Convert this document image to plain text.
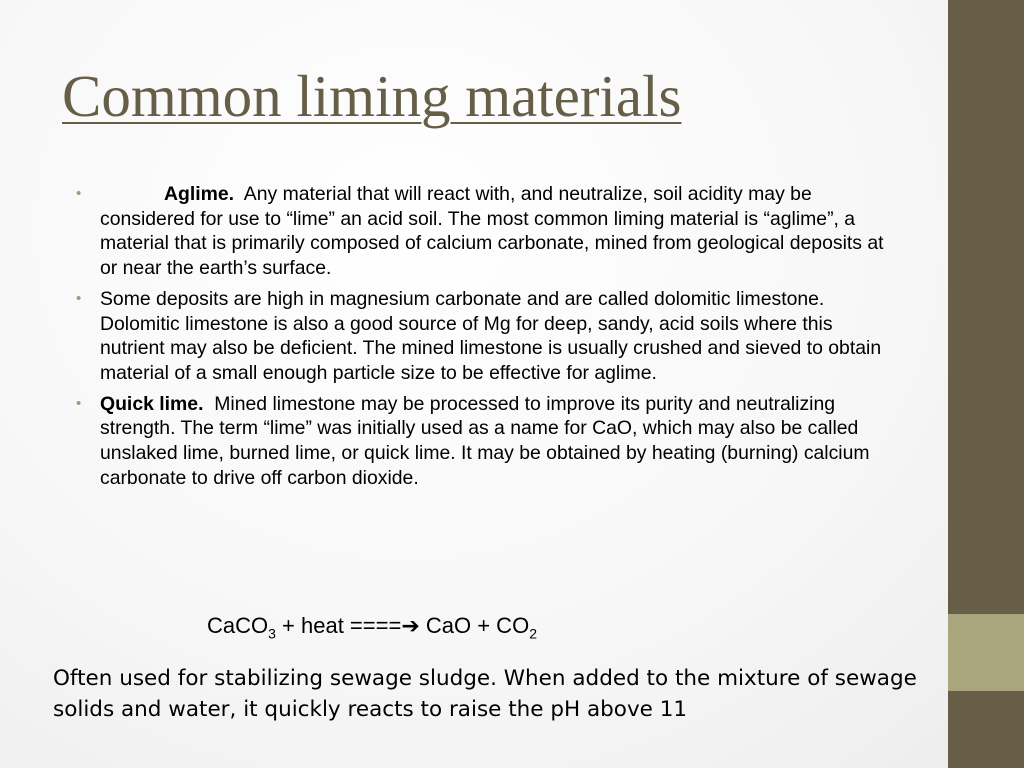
Common liming materials
•	Aglime. Any material that will react with, and neutralize, soil acidity may be considered for use to “lime” an acid soil. The most common liming material is “aglime”, a material that is primarily composed of calcium carbonate, mined from geological deposits at or near the earth’s surface.
• Some deposits are high in magnesium carbonate and are called dolomitic limestone. Dolomitic limestone is also a good source of Mg for deep, sandy, acid soils where this nutrient may also be deficient. The mined limestone is usually crushed and sieved to obtain material of a small enough particle size to be effective for aglime.
• Quick lime. Mined limestone may be processed to improve its purity and neutralizing strength. The term “lime” was initially used as a name for CaO, which may also be called unslaked lime, burned lime, or quick lime. It may be obtained by heating (burning) calcium carbonate to drive off carbon dioxide.
CaCO$_3$ + heat ====➔ CaO + $CO_2$

Often used for stabilizing sewage sludge. When added to the mixture of sewage solids and water, it quickly reacts to raise the pH above 11
